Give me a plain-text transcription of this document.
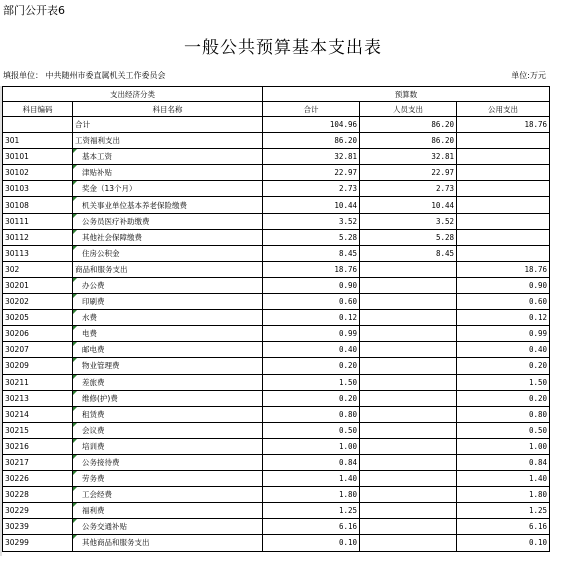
部门公开表6
一般公共预算基本支出表
填报单位： 中共随州市委直属机关工作委员会	单位:万元
支出经济分类		预算数		
科目编码	科目名称	合计	人员支出	公用支出
	合计	104.96	86.20	18.76
301	工资福利支出	86.20	86.20	
30101	基本工资	32.81	32.81	
30102	津贴补贴	22.97	22.97	
30103	奖金（13个月）	2.73	2.73	
30108	机关事业单位基本养老保险缴费	10.44	10.44	
30111	公务员医疗补助缴费	3.52	3.52	
30112	其他社会保障缴费	5.28	5.28	
30113	住房公积金	8.45	8.45	
302	商品和服务支出	18.76		18.76
30201	办公费	0.90		0.90
30202	印刷费	0.60		0.60
30205	水费	0.12		0.12
30206	电费	0.99		0.99
30207	邮电费	0.40		0.40
30209	物业管理费	0.20		0.20
30211	差旅费	1.50		1.50
30213	维修(护)费	0.20		0.20
30214	租赁费	0.80		0.80
30215	会议费	0.50		0.50
30216	培训费	1.00		1.00
30217	公务接待费	0.84		0.84
30226	劳务费	1.40		1.40
30228	工会经费	1.80		1.80
30229	福利费	1.25		1.25
30239	公务交通补贴	6.16		6.16
30299	其他商品和服务支出	0.10		0.10
